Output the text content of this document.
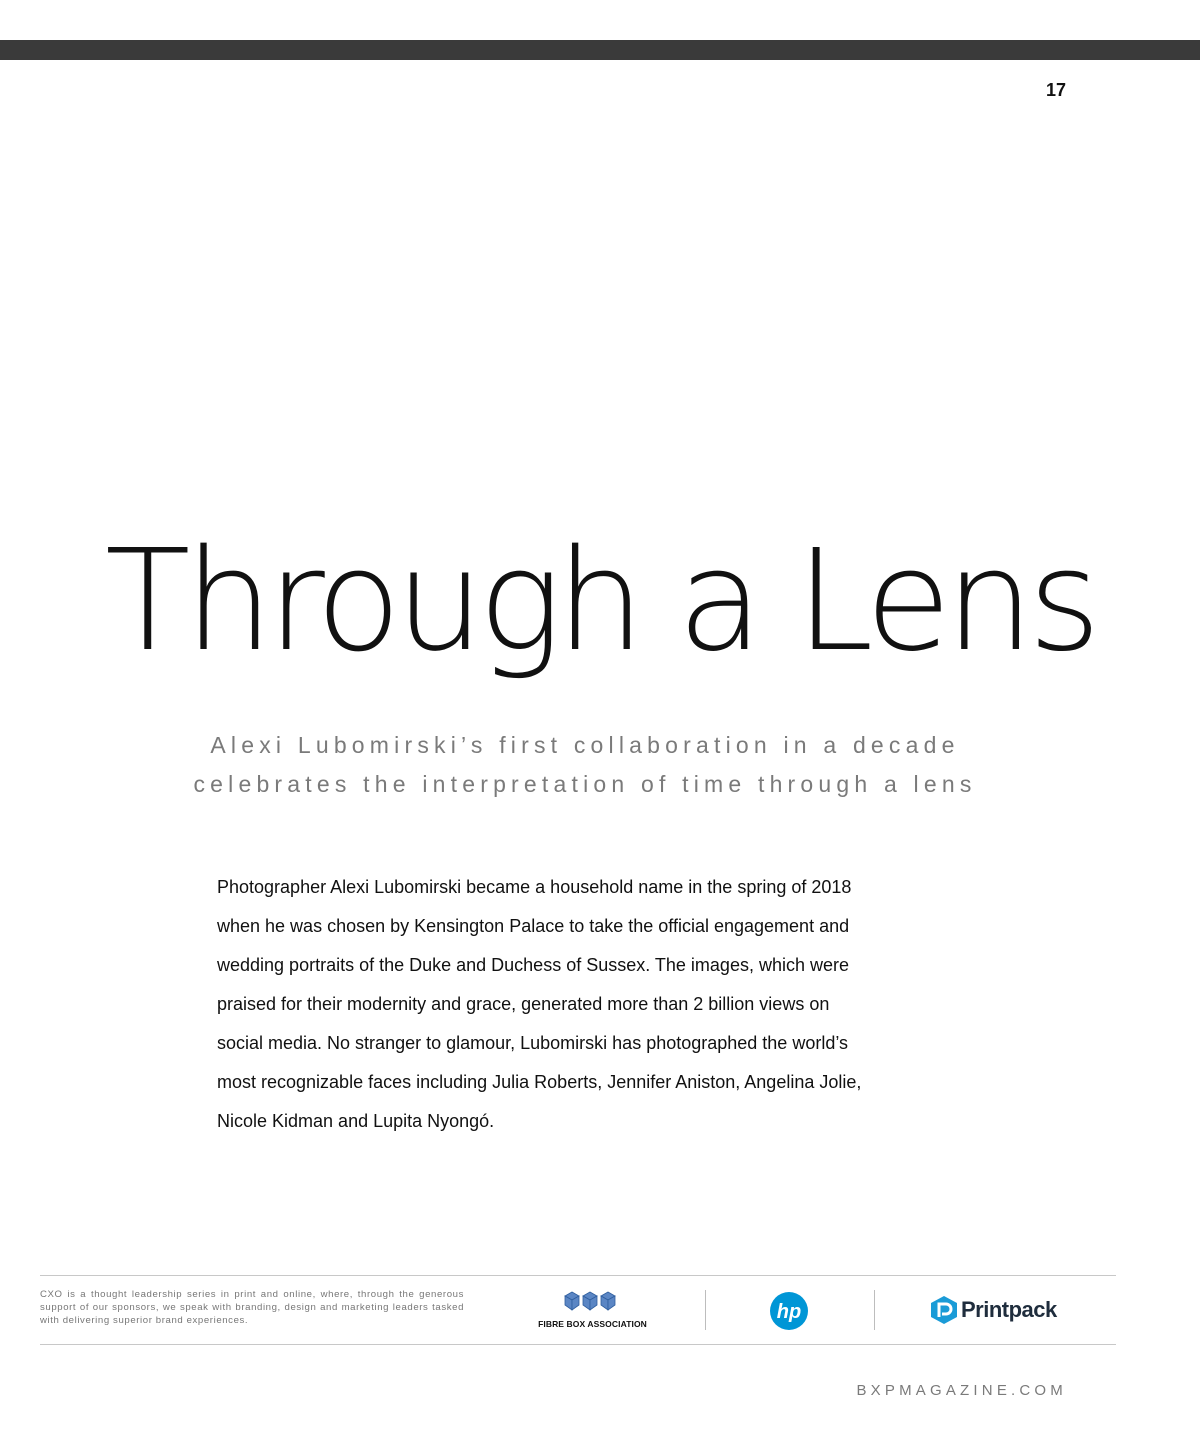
17
Through a Lens
Alexi Lubomirski’s first collaboration in a decade
celebrates the interpretation of time through a lens
Photographer Alexi Lubomirski became a household name in the spring of 2018
when he was chosen by Kensington Palace to take the official engagement and
wedding portraits of the Duke and Duchess of Sussex. The images, which were
praised for their modernity and grace, generated more than 2 billion views on
social media. No stranger to glamour, Lubomirski has photographed the world’s
most recognizable faces including Julia Roberts, Jennifer Aniston, Angelina Jolie,
Nicole Kidman and Lupita Nyongó.
CXO is a thought leadership series in print and online, where, through the generous support of our sponsors, we speak with branding, design and marketing leaders tasked with delivering superior brand experiences.	FIBRE BOX ASSOCIATION
hp	Printpack
BXPMAGAZINE.COM
